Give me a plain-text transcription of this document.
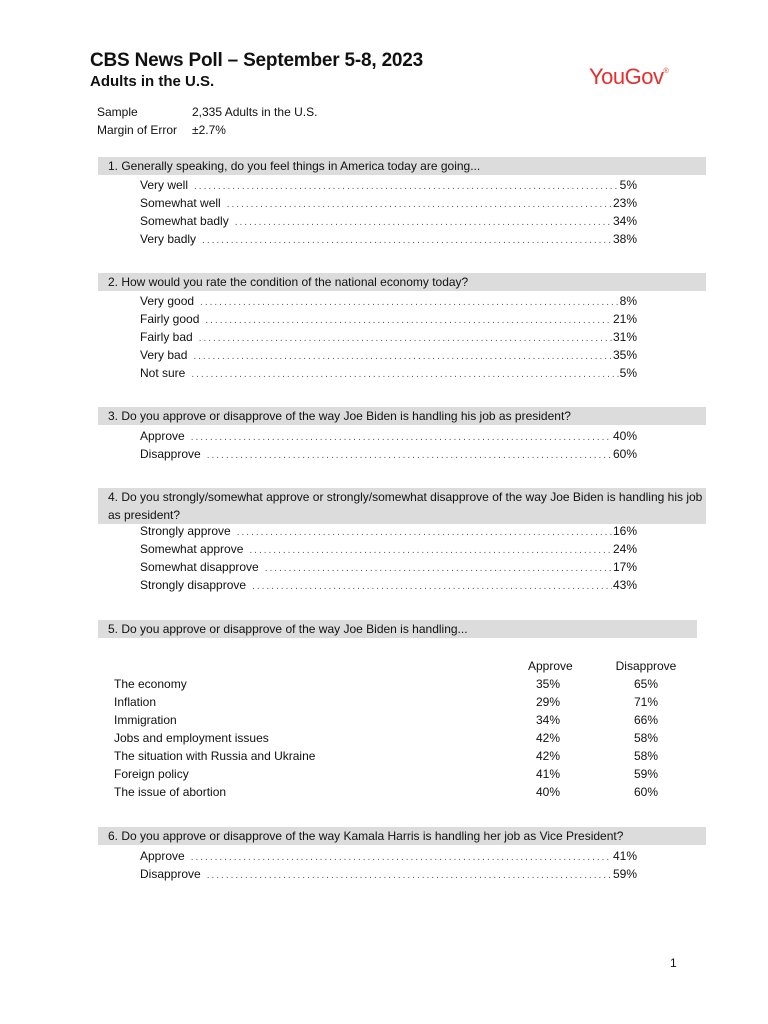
CBS News Poll – September 5-8, 2023
Adults in the U.S.	YouGov®
Sample	2,335 Adults in the U.S.
Margin of Error ±2.7%
1. Generally speaking, do you feel things in America today are going...
Very well .....	5%
Somewhat well .....	23%
Somewhat badly .....	34%
Very badly .....	38%
2. How would you rate the condition of the national economy today?
Very good .....	8%
Fairly good .....	21%
Fairly bad .....	31%
Very bad .....	35%
Not sure .....	5%
3. Do you approve or disapprove of the way Joe Biden is handling his job as president?
Approve .....	40%
Disapprove .....	60%
4. Do you strongly/somewhat approve or strongly/somewhat disapprove of the way Joe Biden is handling his job
as president?
Strongly approve .....	16%
Somewhat approve .....	24%
Somewhat disapprove .....	17%
Strongly disapprove .....	43%
5. Do you approve or disapprove of the way Joe Biden is handling...
Approve	Disapprove
The economy	35%	65%
Inflation	29%	71%
Immigration	34%	66%
Jobs and employment issues	42%	58%
The situation with Russia and Ukraine	42%	58%
Foreign policy	41%	59%
The issue of abortion	40%	60%
6. Do you approve or disapprove of the way Kamala Harris is handling her job as Vice President?
Approve .....	41%
Disapprove .....	59%
1
